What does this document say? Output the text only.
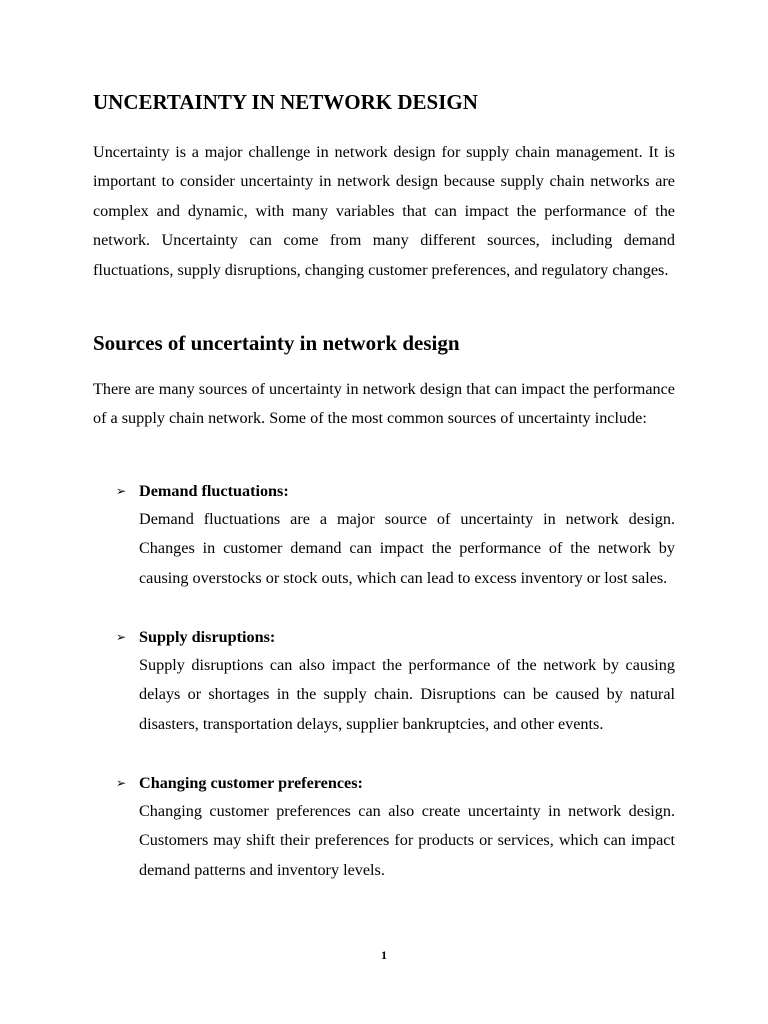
UNCERTAINTY IN NETWORK DESIGN

Uncertainty is a major challenge in network design for supply chain management. It is important to consider uncertainty in network design because supply chain networks are complex and dynamic, with many variables that can impact the performance of the network. Uncertainty can come from many different sources, including demand fluctuations, supply disruptions, changing customer preferences, and regulatory changes.

Sources of uncertainty in network design

There are many sources of uncertainty in network design that can impact the performance of a supply chain network. Some of the most common sources of uncertainty include:

➢ Demand fluctuations:

Demand fluctuations are a major source of uncertainty in network design. Changes in customer demand can impact the performance of the network by causing overstocks or stock outs, which can lead to excess inventory or lost sales.

➢ Supply disruptions:

Supply disruptions can also impact the performance of the network by causing delays or shortages in the supply chain. Disruptions can be caused by natural disasters, transportation delays, supplier bankruptcies, and other events.

➢ Changing customer preferences:

Changing customer preferences can also create uncertainty in network design. Customers may shift their preferences for products or services, which can impact demand patterns and inventory levels.

1
